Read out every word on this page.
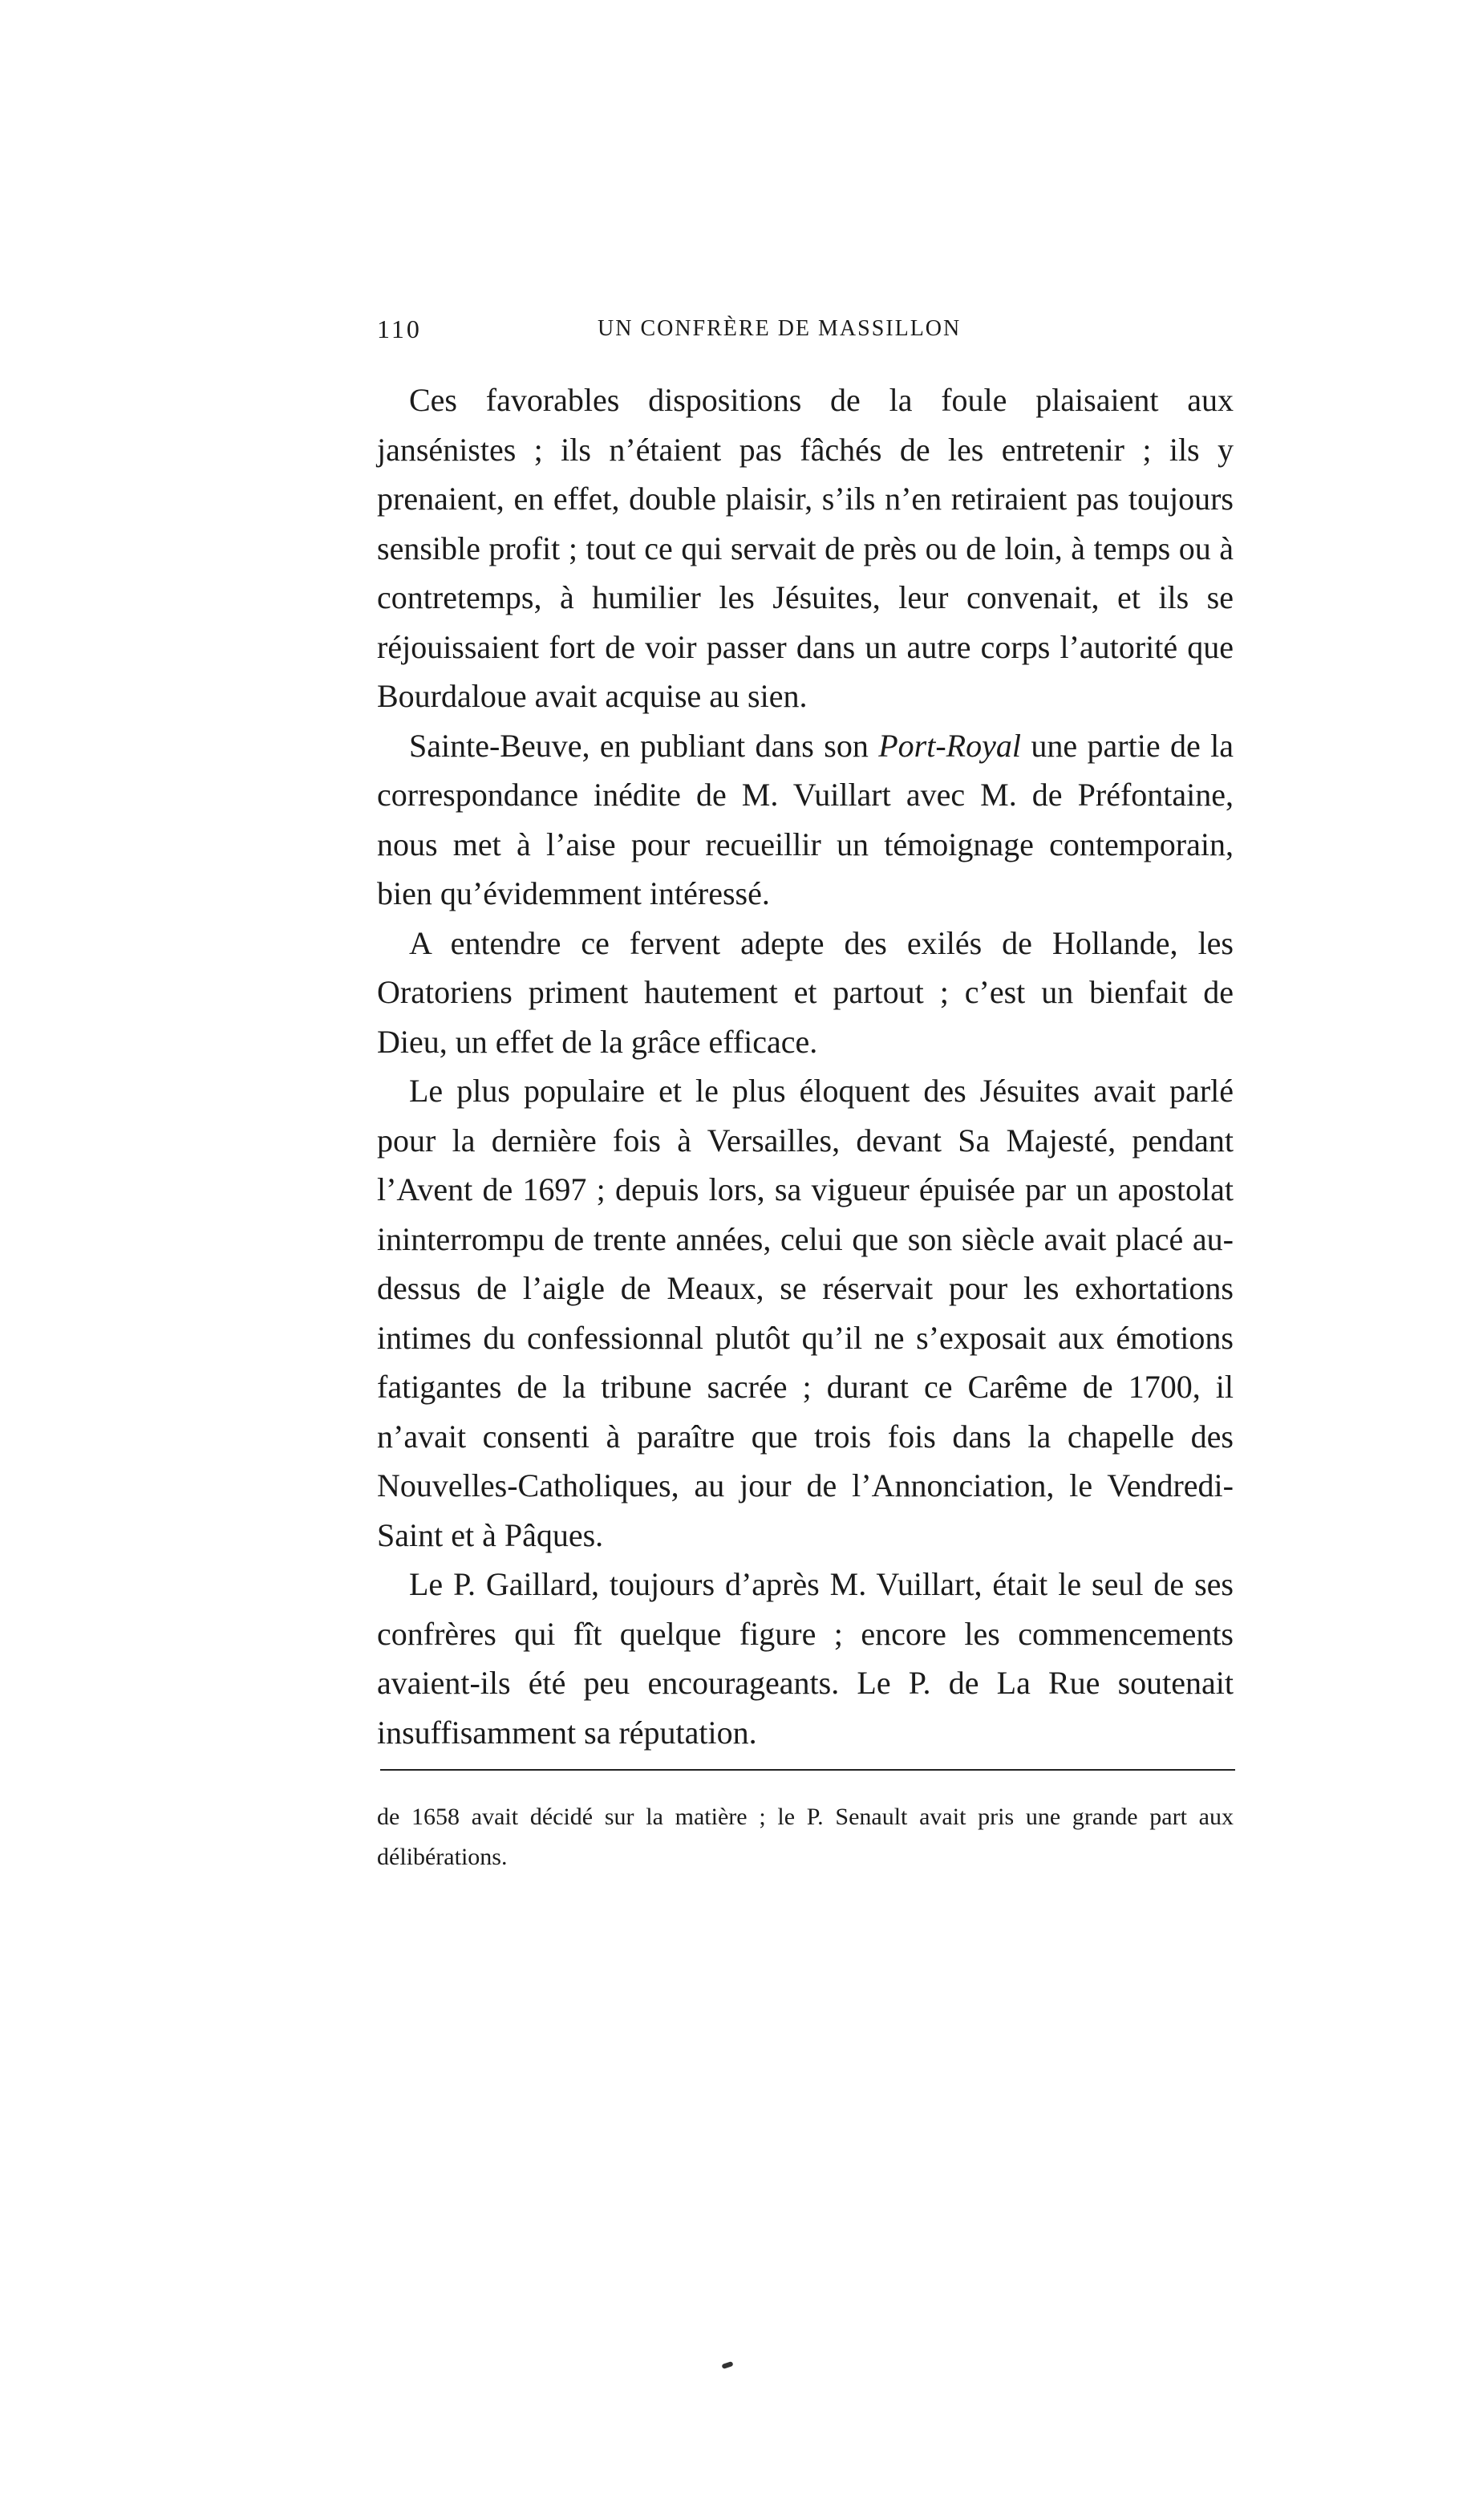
110	UN CONFRÈRE DE MASSILLON

Ces favorables dispositions de la foule plaisaient aux jansénistes ; ils n’étaient pas fâchés de les entretenir ; ils y prenaient, en effet, double plaisir, s’ils n’en retiraient pas toujours sensible profit ; tout ce qui servait de près ou de loin, à temps ou à contretemps, à humilier les Jésuites, leur convenait, et ils se réjouissaient fort de voir passer dans un autre corps l’autorité que Bourdaloue avait acquise au sien.

Sainte-Beuve, en publiant dans son Port-Royal une partie de la correspondance inédite de M. Vuillart avec M. de Préfontaine, nous met à l’aise pour recueillir un témoignage contemporain, bien qu’évidemment intéressé.

A entendre ce fervent adepte des exilés de Hollande, les Oratoriens priment hautement et partout ; c’est un bienfait de Dieu, un effet de la grâce efficace.

Le plus populaire et le plus éloquent des Jésuites avait parlé pour la dernière fois à Versailles, devant Sa Majesté, pendant l’Avent de 1697 ; depuis lors, sa vigueur épuisée par un apostolat ininterrompu de trente années, celui que son siècle avait placé au-dessus de l’aigle de Meaux, se réservait pour les exhortations intimes du confessionnal plutôt qu’il ne s’exposait aux émotions fatigantes de la tribune sacrée ; durant ce Carême de 1700, il n’avait consenti à paraître que trois fois dans la chapelle des Nouvelles-Catholiques, au jour de l’Annonciation, le Vendredi-Saint et à Pâques.

Le P. Gaillard, toujours d’après M. Vuillart, était le seul de ses confrères qui fît quelque figure ; encore les commencements avaient-ils été peu encourageants. Le P. de La Rue soutenait insuffisamment sa réputation.

de 1658 avait décidé sur la matière ; le P. Senault avait pris une grande part aux délibérations.
